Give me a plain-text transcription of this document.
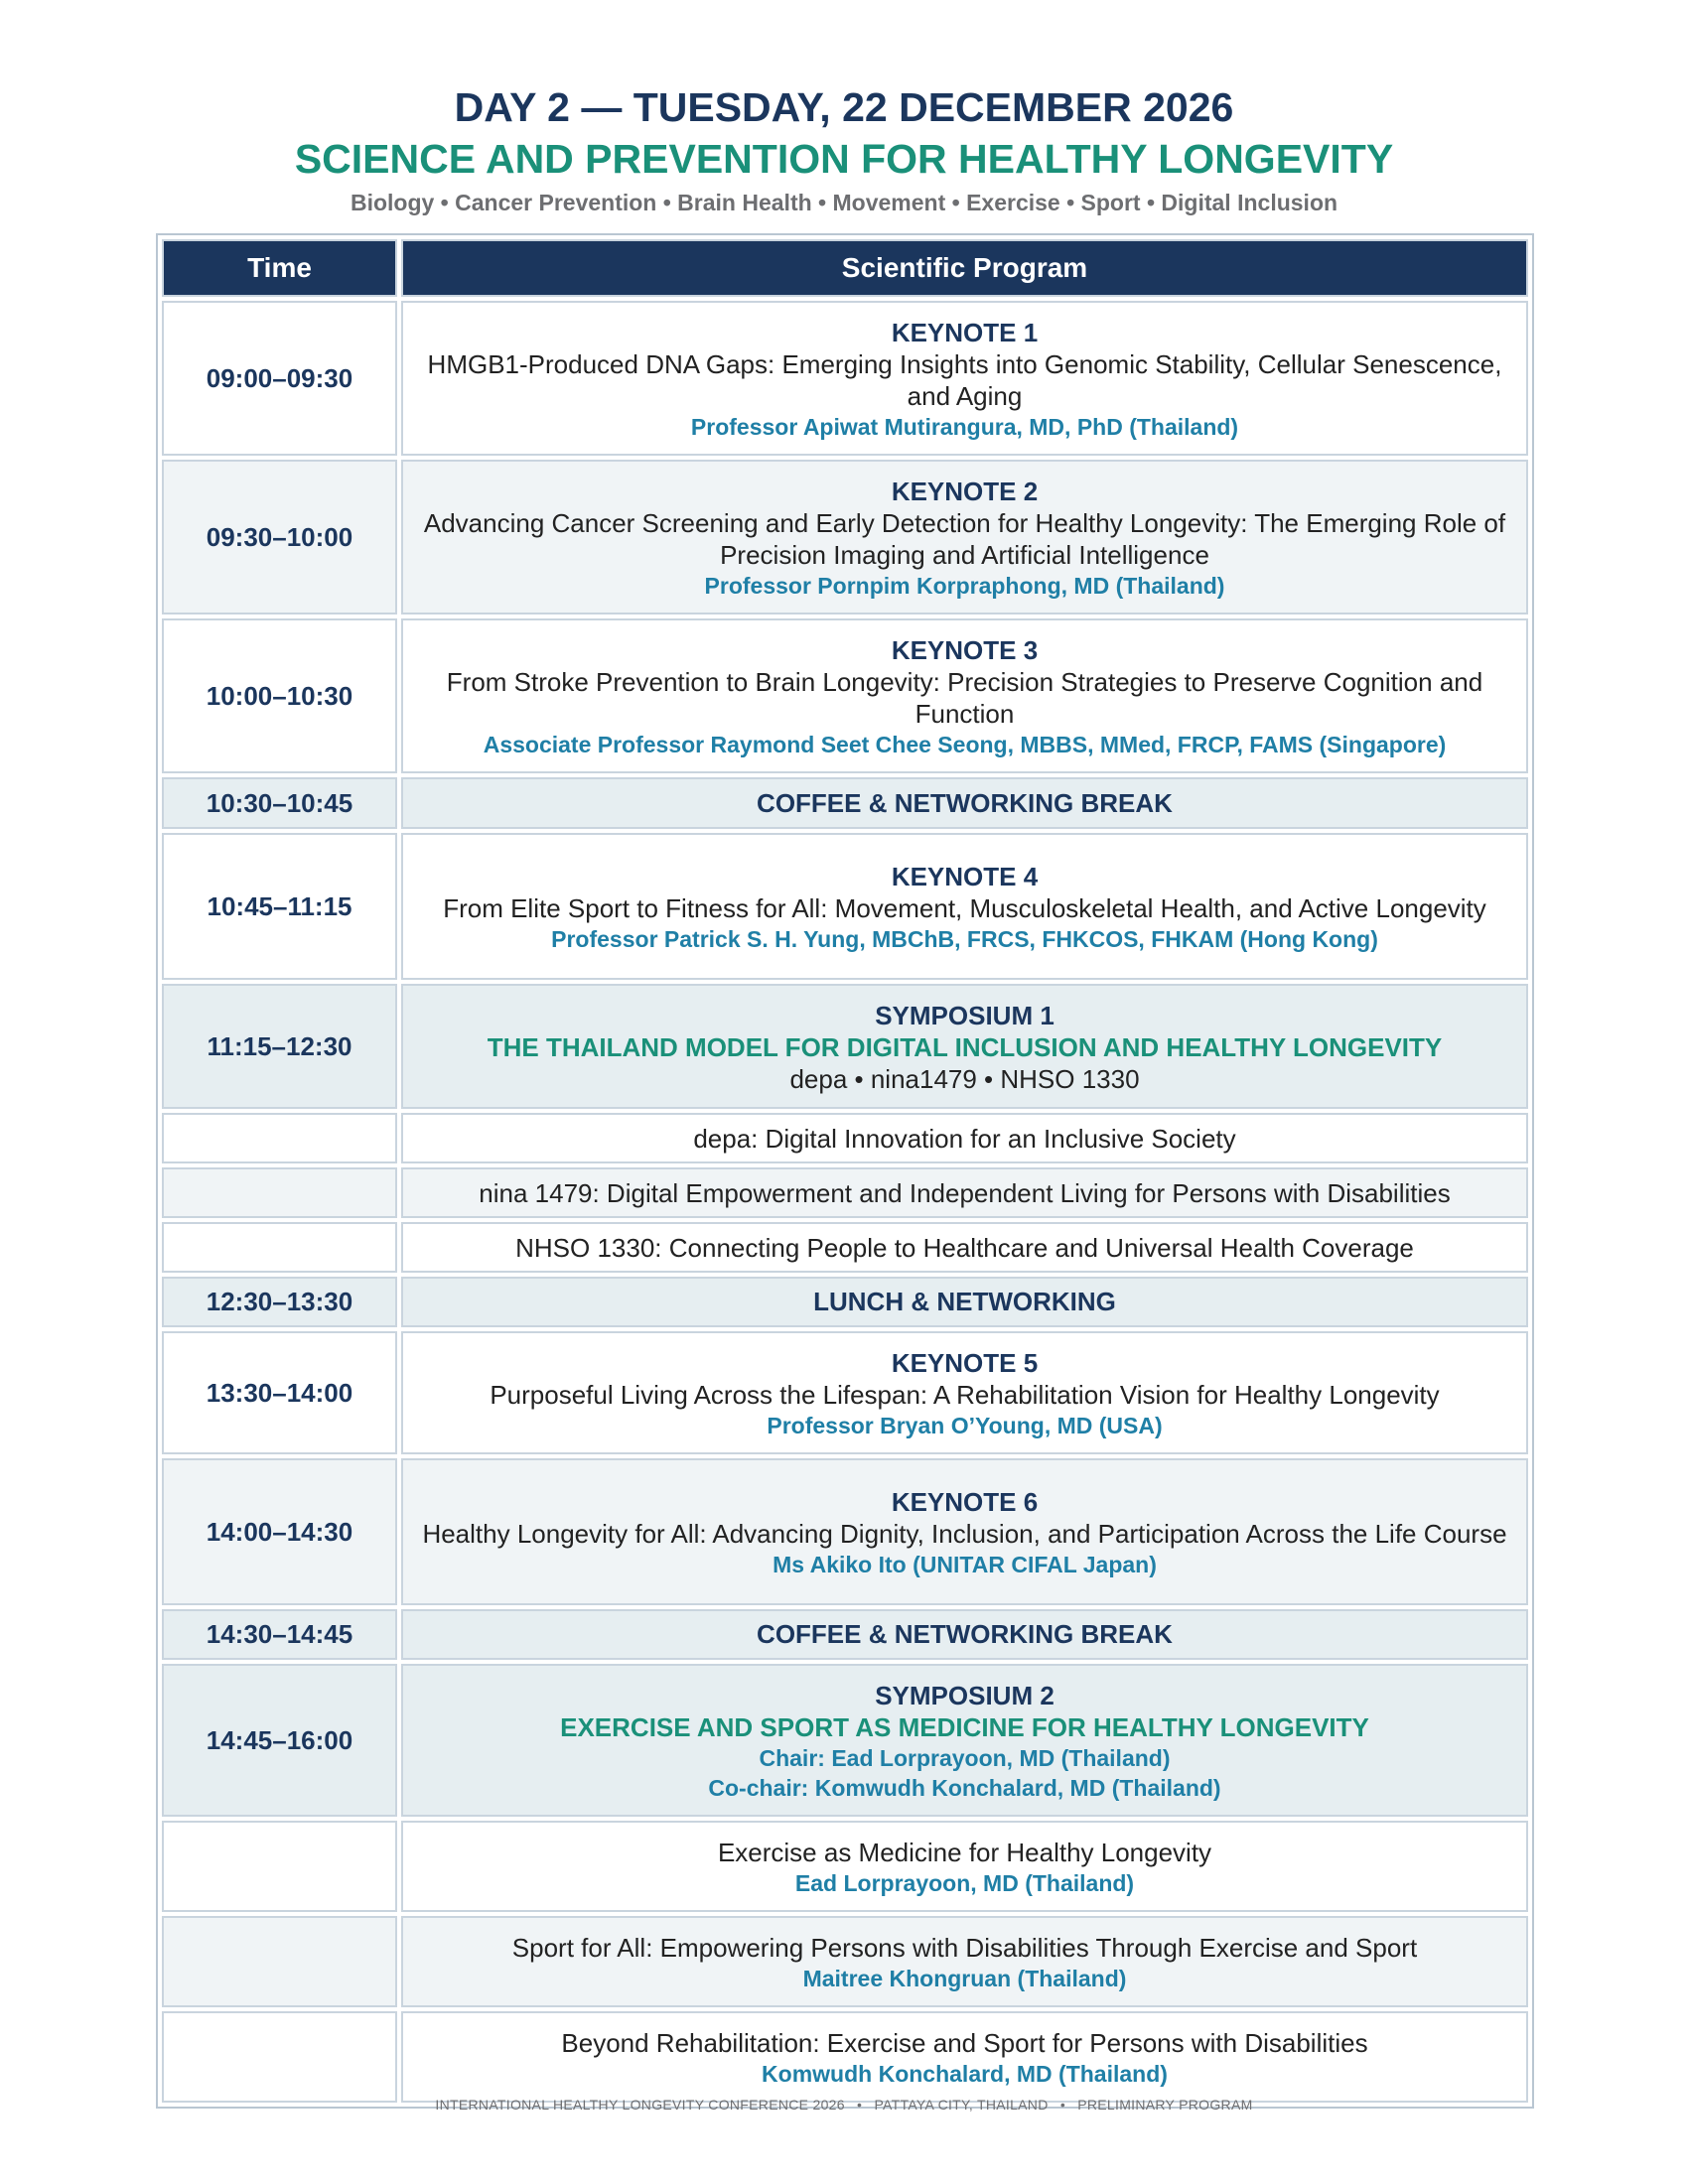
DAY 2 — TUESDAY, 22 DECEMBER 2026
SCIENCE AND PREVENTION FOR HEALTHY LONGEVITY
Biology • Cancer Prevention • Brain Health • Movement • Exercise • Sport • Digital Inclusion
Time	Scientific Program
09:00–09:30	KEYNOTE 1
HMGB1-Produced DNA Gaps: Emerging Insights into Genomic Stability, Cellular Senescence, and Aging
Professor Apiwat Mutirangura, MD, PhD (Thailand)

09:30–10:00	KEYNOTE 2
Advancing Cancer Screening and Early Detection for Healthy Longevity: The Emerging Role of Precision Imaging and Artificial Intelligence
Professor Pornpim Korpraphong, MD (Thailand)

10:00–10:30	KEYNOTE 3
From Stroke Prevention to Brain Longevity: Precision Strategies to Preserve Cognition and Function
Associate Professor Raymond Seet Chee Seong, MBBS, MMed, FRCP, FAMS (Singapore)

10:30–10:45	COFFEE & NETWORKING BREAK
10:45–11:15	KEYNOTE 4
From Elite Sport to Fitness for All: Movement, Musculoskeletal Health, and Active Longevity
Professor Patrick S. H. Yung, MBChB, FRCS, FHKCOS, FHKAM (Hong Kong)

11:15–12:30	SYMPOSIUM 1
THE THAILAND MODEL FOR DIGITAL INCLUSION AND HEALTHY LONGEVITY
depa • nina1479 • NHSO 1330

	depa: Digital Innovation for an Inclusive Society
	nina 1479: Digital Empowerment and Independent Living for Persons with Disabilities
	NHSO 1330: Connecting People to Healthcare and Universal Health Coverage
12:30–13:30	LUNCH & NETWORKING
13:30–14:00	KEYNOTE 5
Purposeful Living Across the Lifespan: A Rehabilitation Vision for Healthy Longevity
Professor Bryan O’Young, MD (USA)

14:00–14:30	KEYNOTE 6
Healthy Longevity for All: Advancing Dignity, Inclusion, and Participation Across the Life Course
Ms Akiko Ito (UNITAR CIFAL Japan)

14:30–14:45	COFFEE & NETWORKING BREAK
14:45–16:00	SYMPOSIUM 2
EXERCISE AND SPORT AS MEDICINE FOR HEALTHY LONGEVITY
Chair: Ead Lorprayoon, MD (Thailand)
Co-chair: Komwudh Konchalard, MD (Thailand)

	Exercise as Medicine for Healthy Longevity
Ead Lorprayoon, MD (Thailand)

	Sport for All: Empowering Persons with Disabilities Through Exercise and Sport
Maitree Khongruan (Thailand)

	Beyond Rehabilitation: Exercise and Sport for Persons with Disabilities
Komwudh Konchalard, MD (Thailand)
INTERNATIONAL HEALTHY LONGEVITY CONFERENCE 2026 • PATTAYA CITY, THAILAND • PRELIMINARY PROGRAM
